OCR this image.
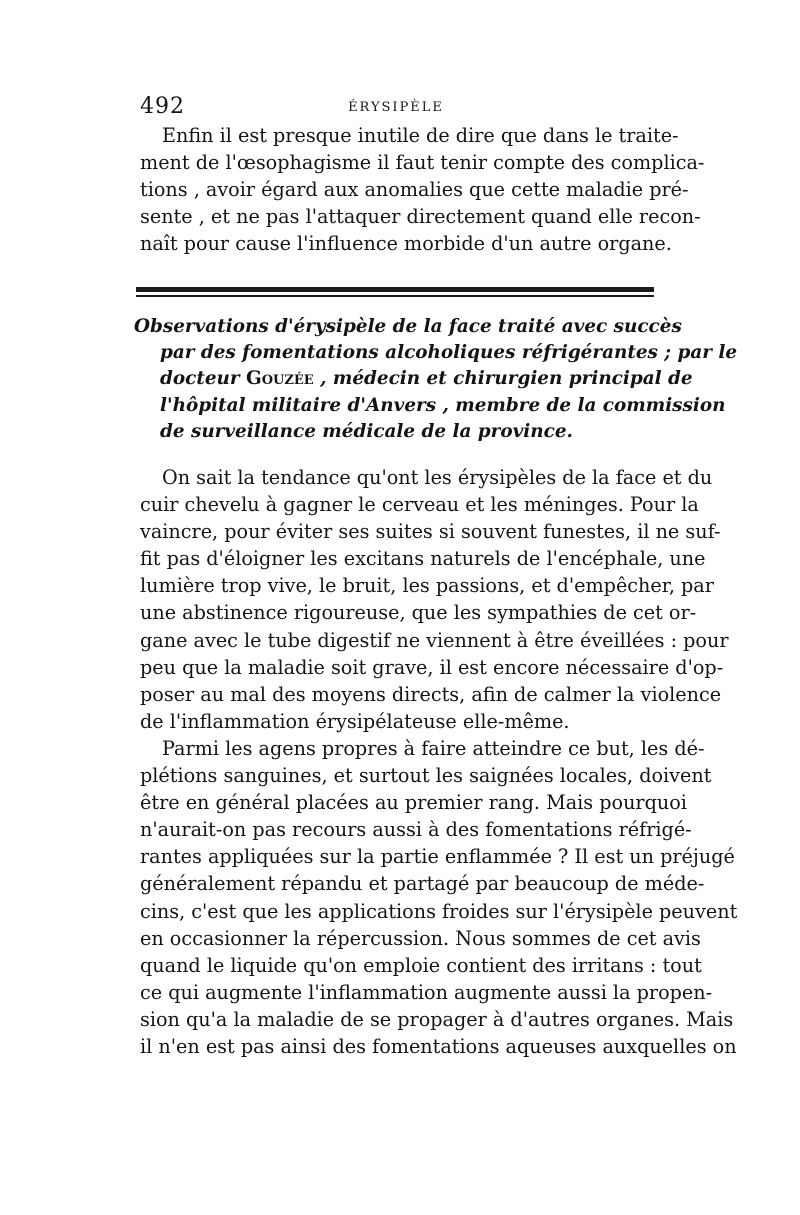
492	ÉRYSIPÈLE

Enfin il est presque inutile de dire que dans le traite-
ment de l'œsophagisme il faut tenir compte des complica-
tions , avoir égard aux anomalies que cette maladie pré-
sente , et ne pas l'attaquer directement quand elle recon-
naît pour cause l'influence morbide d'un autre organe.

Observations d'érysipèle de la face traité avec succès
par des fomentations alcoholiques réfrigérantes ; par le
docteur Gouzée , médecin et chirurgien principal de
l'hôpital militaire d'Anvers , membre de la commission
de surveillance médicale de la province.

On sait la tendance qu'ont les érysipèles de la face et du
cuir chevelu à gagner le cerveau et les méninges. Pour la
vaincre, pour éviter ses suites si souvent funestes, il ne suf-
fit pas d'éloigner les excitans naturels de l'encéphale, une
lumière trop vive, le bruit, les passions, et d'empêcher, par
une abstinence rigoureuse, que les sympathies de cet or-
gane avec le tube digestif ne viennent à être éveillées : pour
peu que la maladie soit grave, il est encore nécessaire d'op-
poser au mal des moyens directs, afin de calmer la violence
de l'inflammation érysipélateuse elle-même.

Parmi les agens propres à faire atteindre ce but, les dé-
plétions sanguines, et surtout les saignées locales, doivent
être en général placées au premier rang. Mais pourquoi
n'aurait-on pas recours aussi à des fomentations réfrigé-
rantes appliquées sur la partie enflammée ? Il est un préjugé
généralement répandu et partagé par beaucoup de méde-
cins, c'est que les applications froides sur l'érysipèle peuvent
en occasionner la répercussion. Nous sommes de cet avis
quand le liquide qu'on emploie contient des irritans : tout
ce qui augmente l'inflammation augmente aussi la propen-
sion qu'a la maladie de se propager à d'autres organes. Mais
il n'en est pas ainsi des fomentations aqueuses auxquelles on
